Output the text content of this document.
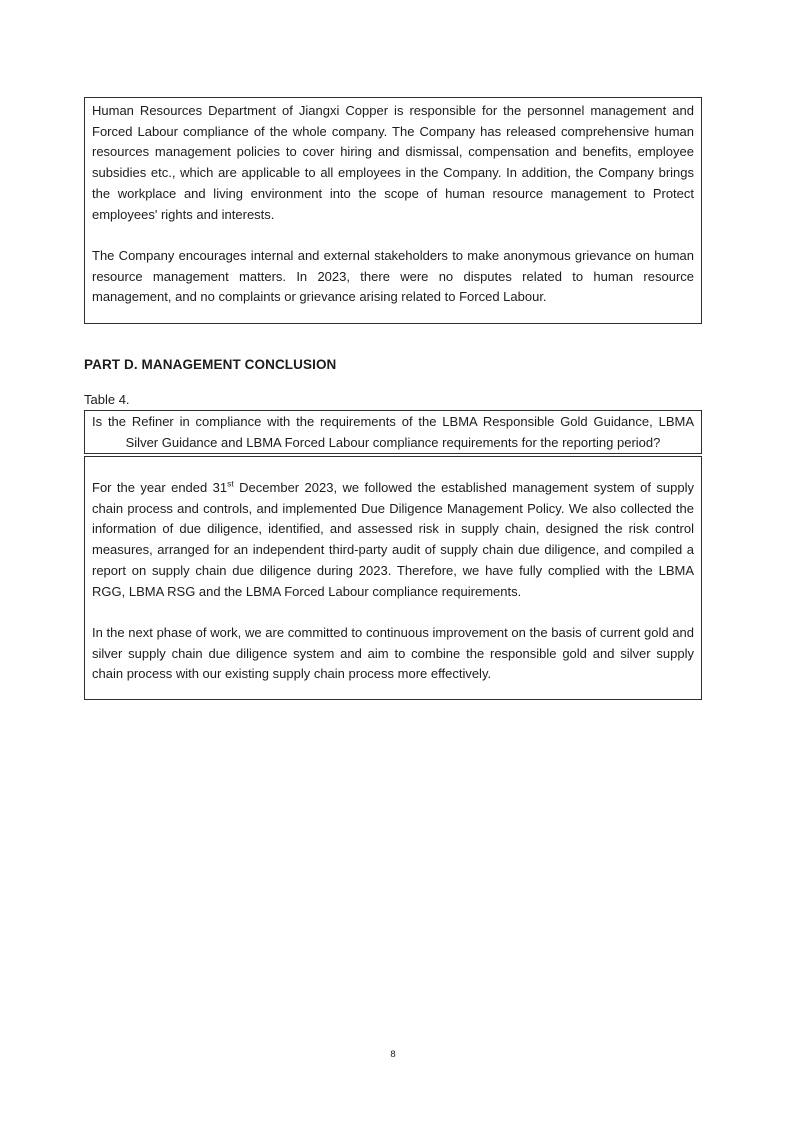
Human Resources Department of Jiangxi Copper is responsible for the personnel management and Forced Labour compliance of the whole company. The Company has released comprehensive human resources management policies to cover hiring and dismissal, compensation and benefits, employee subsidies etc., which are applicable to all employees in the Company. In addition, the Company brings the workplace and living environment into the scope of human resource management to Protect employees' rights and interests.

The Company encourages internal and external stakeholders to make anonymous grievance on human resource management matters. In 2023, there were no disputes related to human resource management, and no complaints or grievance arising related to Forced Labour.

PART D. MANAGEMENT CONCLUSION
Table 4.

Is the Refiner in compliance with the requirements of the LBMA Responsible Gold Guidance, LBMA Silver Guidance and LBMA Forced Labour compliance requirements for the reporting period?

For the year ended 31st December 2023, we followed the established management system of supply chain process and controls, and implemented Due Diligence Management Policy. We also collected the information of due diligence, identified, and assessed risk in supply chain, designed the risk control measures, arranged for an independent third-party audit of supply chain due diligence, and compiled a report on supply chain due diligence during 2023. Therefore, we have fully complied with the LBMA RGG, LBMA RSG and the LBMA Forced Labour compliance requirements.

In the next phase of work, we are committed to continuous improvement on the basis of current gold and silver supply chain due diligence system and aim to combine the responsible gold and silver supply chain process with our existing supply chain process more effectively.

8
